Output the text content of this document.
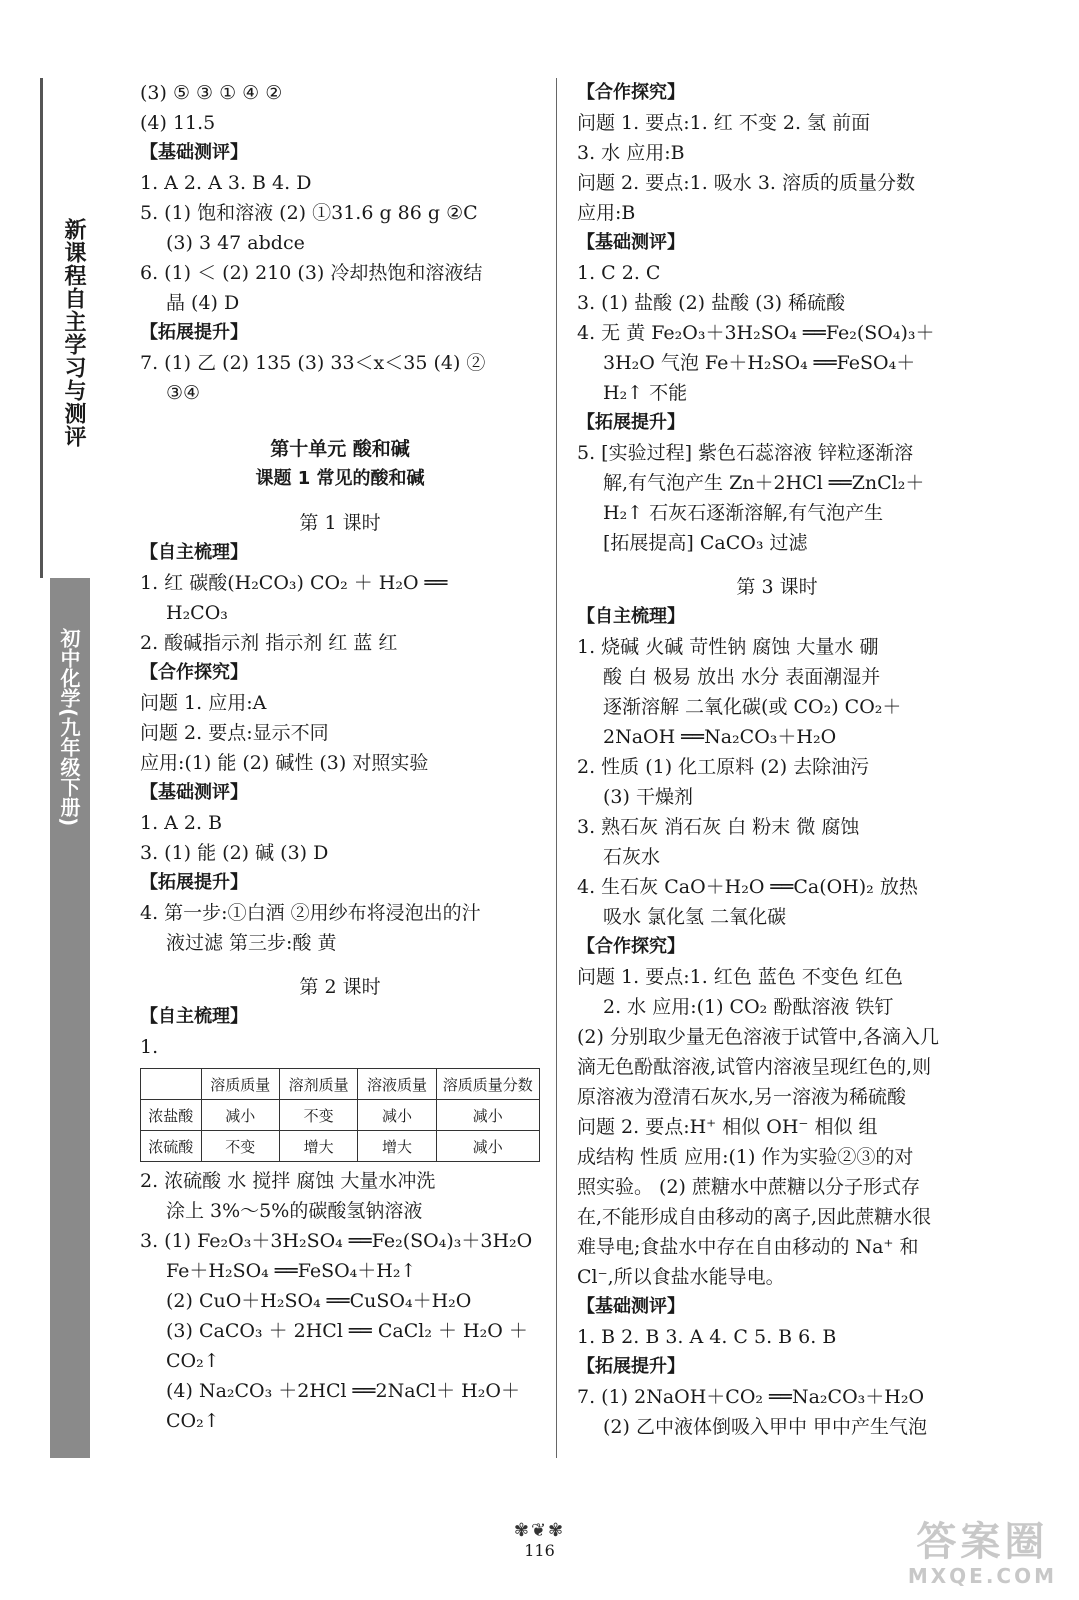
新课程自主学习与测评
初中化学(九年级下册)
(3) ⑤ ③ ① ④ ②
(4) 11.5
【基础测评】
1. A 2. A 3. B 4. D
5. (1) 饱和溶液 (2) ①31.6 g 86 g ②C
(3) 3 47 abdce
6. (1) ＜ (2) 210 (3) 冷却热饱和溶液结
晶 (4) D
【拓展提升】
7. (1) 乙 (2) 135 (3) 33＜x＜35 (4) ②
③④
第十单元 酸和碱
课题 1 常见的酸和碱
第 1 课时
【自主梳理】
1. 红 碳酸(H₂CO₃) CO₂ ＋ H₂O ══
H₂CO₃
2. 酸碱指示剂 指示剂 红 蓝 红
【合作探究】
问题 1. 应用:A
问题 2. 要点:显示不同
应用:(1) 能 (2) 碱性 (3) 对照实验
【基础测评】
1. A 2. B
3. (1) 能 (2) 碱 (3) D
【拓展提升】
4. 第一步:①白酒 ②用纱布将浸泡出的汁
液过滤 第三步:酸 黄
第 2 课时
【自主梳理】
1.
	溶质质量	溶剂质量	溶液质量	溶质质量分数
浓盐酸	减小	不变	减小	减小
浓硫酸	不变	增大	增大	减小
2. 浓硫酸 水 搅拌 腐蚀 大量水冲洗
涂上 3%～5%的碳酸氢钠溶液
3. (1) Fe₂O₃＋3H₂SO₄ ══Fe₂(SO₄)₃＋3H₂O
Fe＋H₂SO₄ ══FeSO₄＋H₂↑
(2) CuO＋H₂SO₄ ══CuSO₄＋H₂O
(3) CaCO₃ ＋ 2HCl ══ CaCl₂ ＋ H₂O ＋
CO₂↑
(4) Na₂CO₃ ＋2HCl ══2NaCl＋ H₂O＋
CO₂↑
【合作探究】
问题 1. 要点:1. 红 不变 2. 氢 前面
3. 水 应用:B
问题 2. 要点:1. 吸水 3. 溶质的质量分数
应用:B
【基础测评】
1. C 2. C
3. (1) 盐酸 (2) 盐酸 (3) 稀硫酸
4. 无 黄 Fe₂O₃＋3H₂SO₄ ══Fe₂(SO₄)₃＋
3H₂O 气泡 Fe＋H₂SO₄ ══FeSO₄＋
H₂↑ 不能
【拓展提升】
5. [实验过程] 紫色石蕊溶液 锌粒逐渐溶
解,有气泡产生 Zn＋2HCl ══ZnCl₂＋
H₂↑ 石灰石逐渐溶解,有气泡产生
[拓展提高] CaCO₃ 过滤
第 3 课时
【自主梳理】
1. 烧碱 火碱 苛性钠 腐蚀 大量水 硼
酸 白 极易 放出 水分 表面潮湿并
逐渐溶解 二氧化碳(或 CO₂) CO₂＋
2NaOH ══Na₂CO₃＋H₂O
2. 性质 (1) 化工原料 (2) 去除油污
(3) 干燥剂
3. 熟石灰 消石灰 白 粉末 微 腐蚀
石灰水
4. 生石灰 CaO＋H₂O ══Ca(OH)₂ 放热
吸水 氯化氢 二氧化碳
【合作探究】
问题 1. 要点:1. 红色 蓝色 不变色 红色
2. 水 应用:(1) CO₂ 酚酞溶液 铁钉
(2) 分别取少量无色溶液于试管中,各滴入几
滴无色酚酞溶液,试管内溶液呈现红色的,则
原溶液为澄清石灰水,另一溶液为稀硫酸
问题 2. 要点:H⁺ 相似 OH⁻ 相似 组
成结构 性质 应用:(1) 作为实验②③的对
照实验。 (2) 蔗糖水中蔗糖以分子形式存
在,不能形成自由移动的离子,因此蔗糖水很
难导电;食盐水中存在自由移动的 Na⁺ 和
Cl⁻,所以食盐水能导电。
【基础测评】
1. B 2. B 3. A 4. C 5. B 6. B
【拓展提升】
7. (1) 2NaOH＋CO₂ ══Na₂CO₃＋H₂O
(2) 乙中液体倒吸入甲中 甲中产生气泡
✾❦✾
116	答案圈
MXQE.COM
